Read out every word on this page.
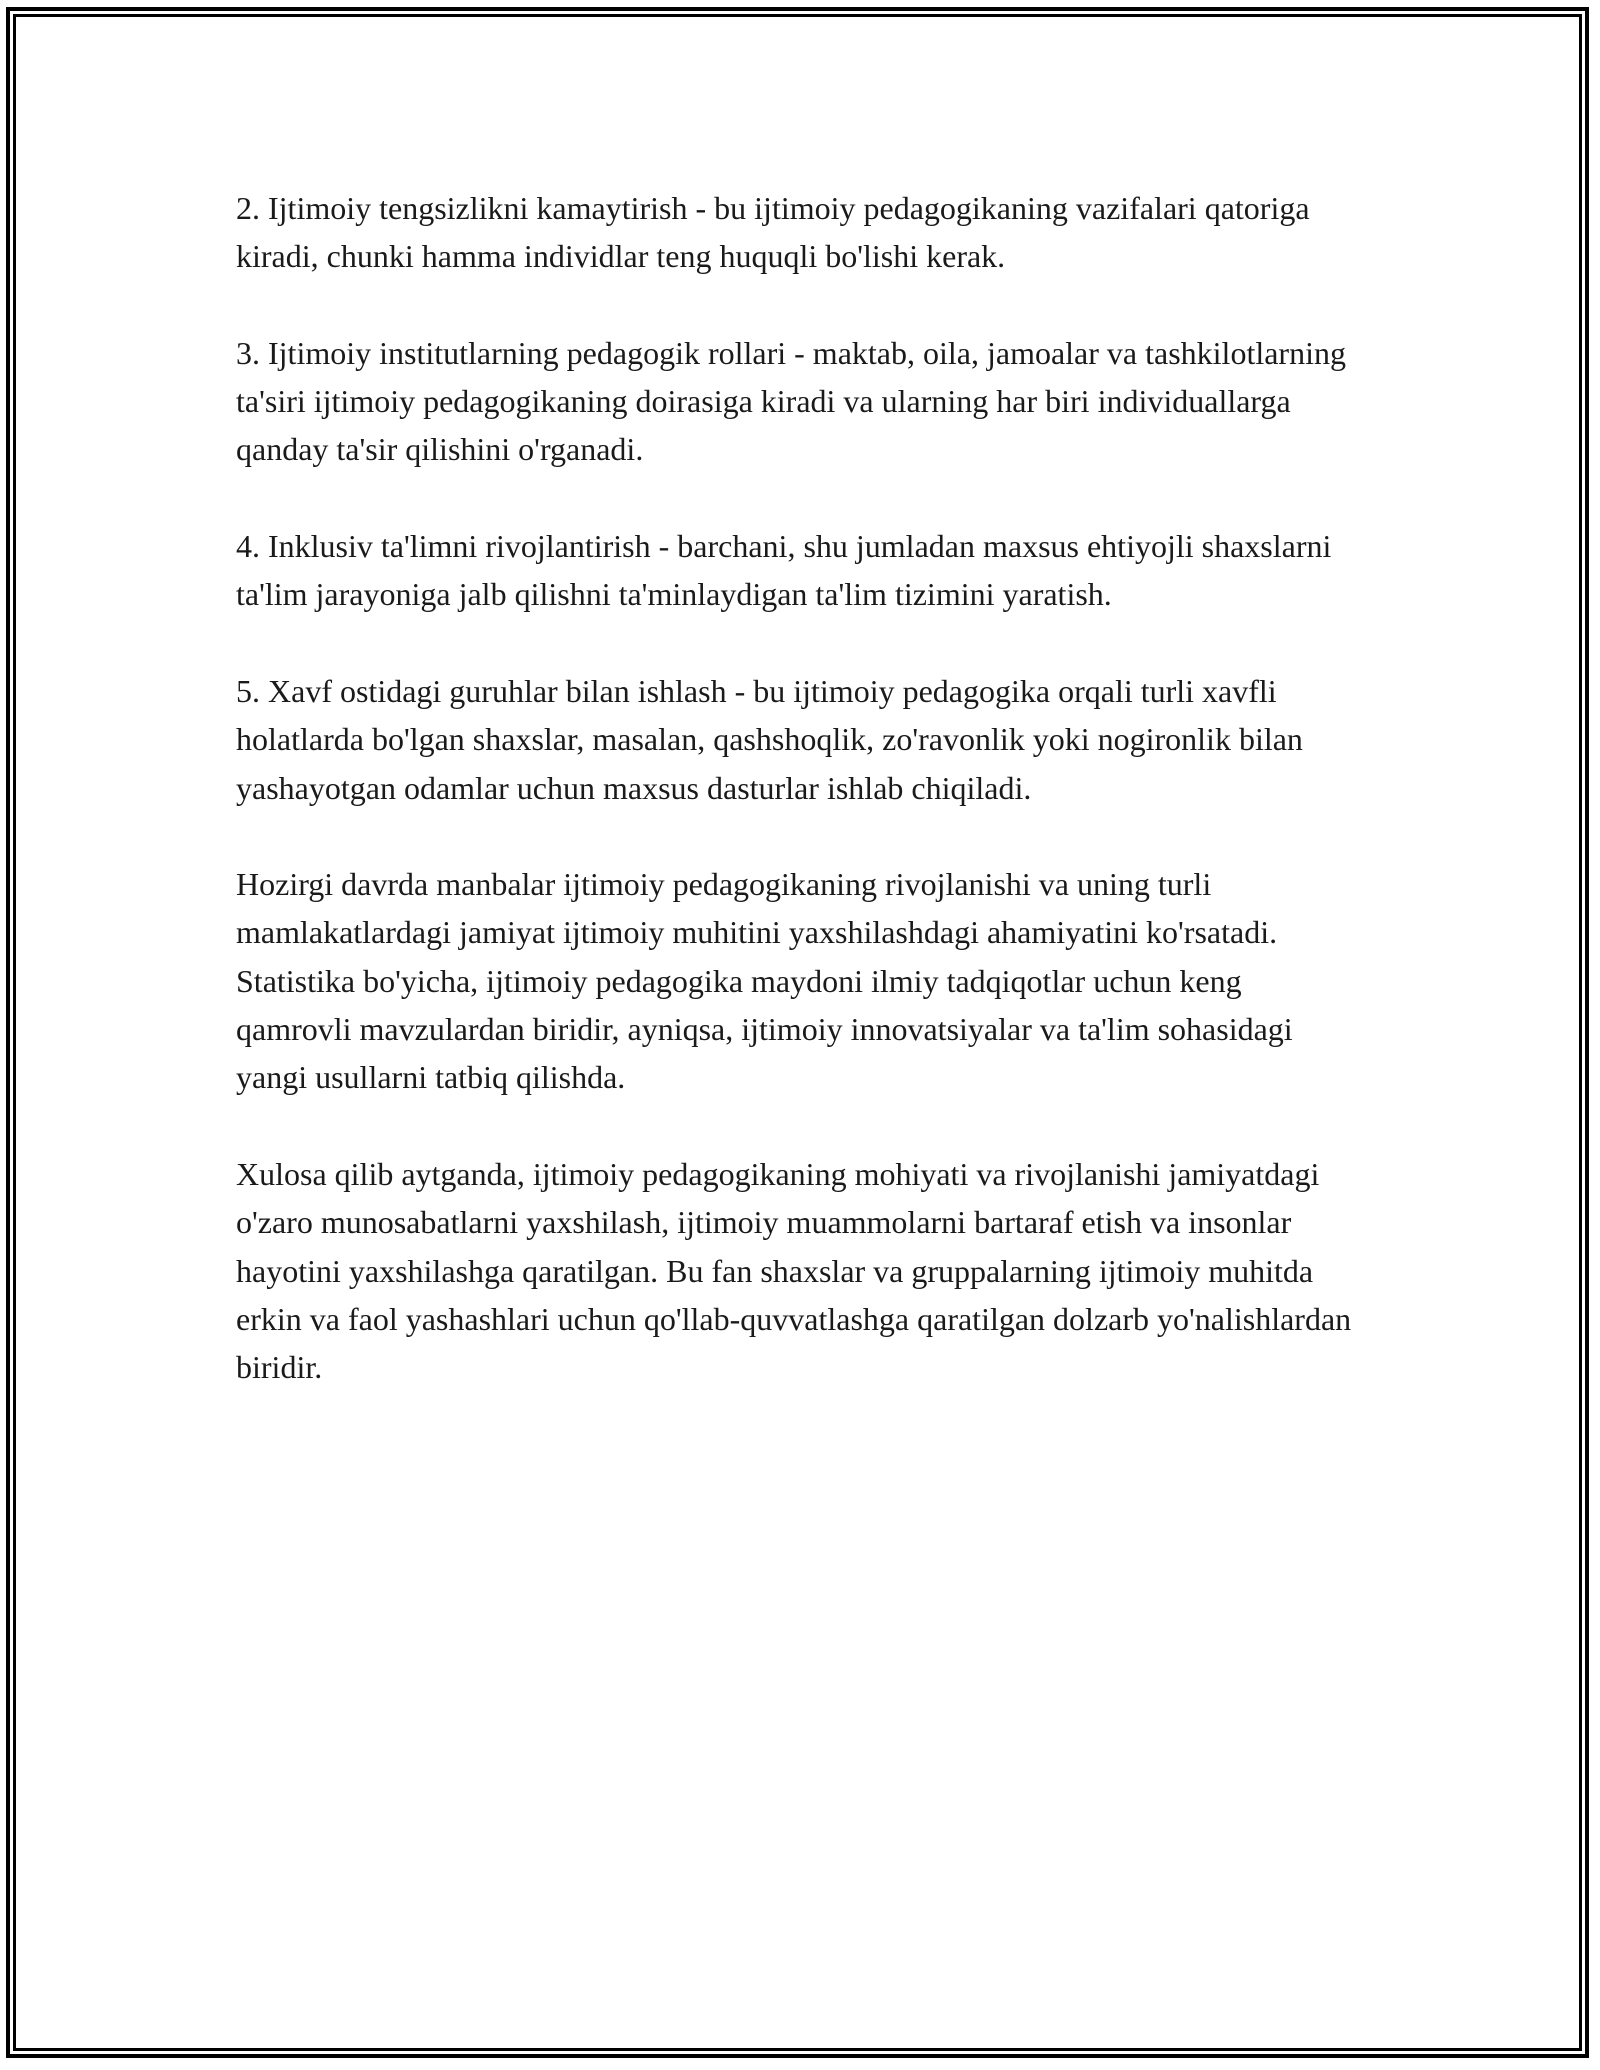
2. Ijtimoiy tengsizlikni kamaytirish - bu ijtimoiy pedagogikaning vazifalari qatoriga kiradi, chunki hamma individlar teng huquqli bo'lishi kerak.

3. Ijtimoiy institutlarning pedagogik rollari - maktab, oila, jamoalar va tashkilotlarning ta'siri ijtimoiy pedagogikaning doirasiga kiradi va ularning har biri individuallarga qanday ta'sir qilishini o'rganadi.

4. Inklusiv ta'limni rivojlantirish - barchani, shu jumladan maxsus ehtiyojli shaxslarni ta'lim jarayoniga jalb qilishni ta'minlaydigan ta'lim tizimini yaratish.

5. Xavf ostidagi guruhlar bilan ishlash - bu ijtimoiy pedagogika orqali turli xavfli holatlarda bo'lgan shaxslar, masalan, qashshoqlik, zo'ravonlik yoki nogironlik bilan yashayotgan odamlar uchun maxsus dasturlar ishlab chiqiladi.

Hozirgi davrda manbalar ijtimoiy pedagogikaning rivojlanishi va uning turli mamlakatlardagi jamiyat ijtimoiy muhitini yaxshilashdagi ahamiyatini ko'rsatadi. Statistika bo'yicha, ijtimoiy pedagogika maydoni ilmiy tadqiqotlar uchun keng qamrovli mavzulardan biridir, ayniqsa, ijtimoiy innovatsiyalar va ta'lim sohasidagi yangi usullarni tatbiq qilishda.

Xulosa qilib aytganda, ijtimoiy pedagogikaning mohiyati va rivojlanishi jamiyatdagi o'zaro munosabatlarni yaxshilash, ijtimoiy muammolarni bartaraf etish va insonlar hayotini yaxshilashga qaratilgan. Bu fan shaxslar va gruppalarning ijtimoiy muhitda erkin va faol yashashlari uchun qo'llab-quvvatlashga qaratilgan dolzarb yo'nalishlardan biridir.
